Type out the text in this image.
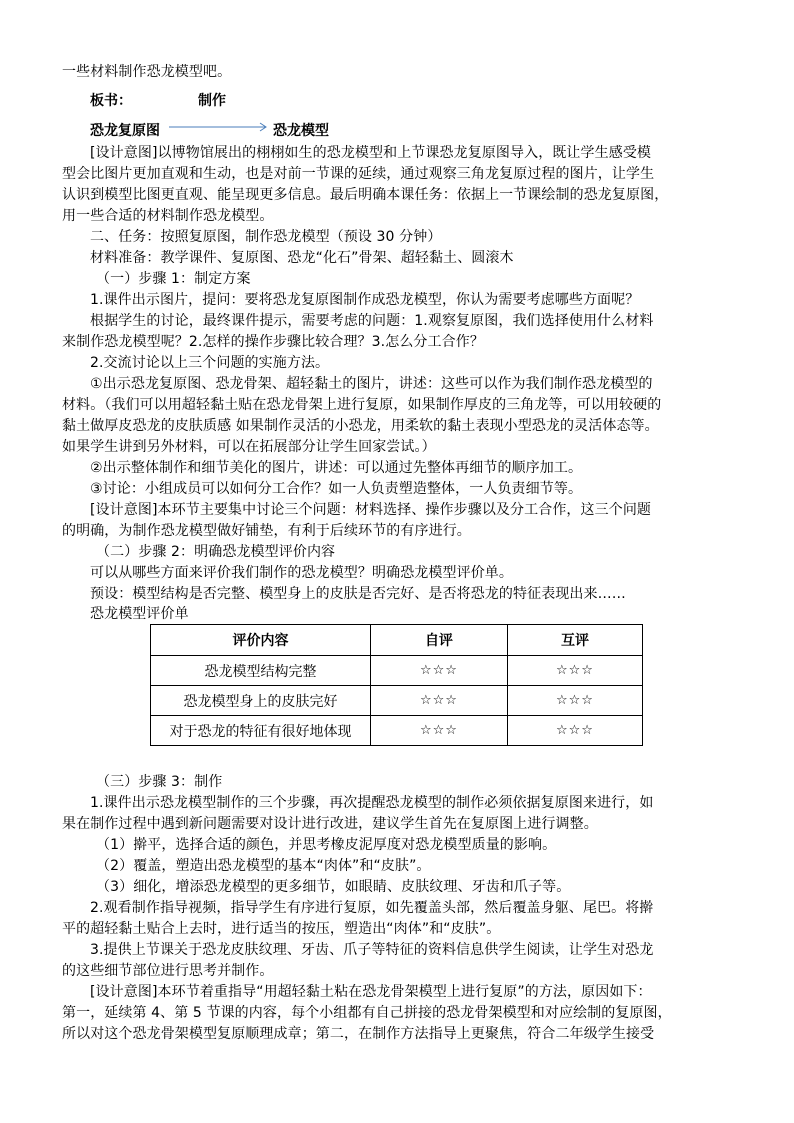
一些材料制作恐龙模型吧。

板书：	制作
恐龙复原图	恐龙模型

[设计意图]以博物馆展出的栩栩如生的恐龙模型和上节课恐龙复原图导入，既让学生感受模

型会比图片更加直观和生动，也是对前一节课的延续，通过观察三角龙复原过程的图片，让学生

认识到模型比图更直观、能呈现更多信息。最后明确本课任务：依据上一节课绘制的恐龙复原图，

用一些合适的材料制作恐龙模型。

二、任务：按照复原图，制作恐龙模型（预设 30 分钟）

材料准备：教学课件、复原图、恐龙“化石”骨架、超轻黏土、圆滚木

（一）步骤 1：制定方案

1.课件出示图片，提问：要将恐龙复原图制作成恐龙模型，你认为需要考虑哪些方面呢？

根据学生的讨论，最终课件提示，需要考虑的问题：1.观察复原图，我们选择使用什么材料

来制作恐龙模型呢？2.怎样的操作步骤比较合理？3.怎么分工合作？

2.交流讨论以上三个问题的实施方法。

①出示恐龙复原图、恐龙骨架、超轻黏土的图片，讲述：这些可以作为我们制作恐龙模型的

材料。（我们可以用超轻黏土贴在恐龙骨架上进行复原，如果制作厚皮的三角龙等，可以用较硬的

黏土做厚皮恐龙的皮肤质感 如果制作灵活的小恐龙，用柔软的黏土表现小型恐龙的灵活体态等。

如果学生讲到另外材料，可以在拓展部分让学生回家尝试。）

②出示整体制作和细节美化的图片，讲述：可以通过先整体再细节的顺序加工。

③讨论：小组成员可以如何分工合作？如一人负责塑造整体，一人负责细节等。

[设计意图]本环节主要集中讨论三个问题：材料选择、操作步骤以及分工合作，这三个问题

的明确，为制作恐龙模型做好铺垫，有利于后续环节的有序进行。

（二）步骤 2：明确恐龙模型评价内容

可以从哪些方面来评价我们制作的恐龙模型？明确恐龙模型评价单。

预设：模型结构是否完整、模型身上的皮肤是否完好、是否将恐龙的特征表现出来……

恐龙模型评价单

评价内容	自评	互评
恐龙模型结构完整	☆☆☆	☆☆☆
恐龙模型身上的皮肤完好	☆☆☆	☆☆☆
对于恐龙的特征有很好地体现	☆☆☆	☆☆☆

（三）步骤 3：制作

1.课件出示恐龙模型制作的三个步骤，再次提醒恐龙模型的制作必须依据复原图来进行，如

果在制作过程中遇到新问题需要对设计进行改进，建议学生首先在复原图上进行调整。

（1）擀平，选择合适的颜色，并思考橡皮泥厚度对恐龙模型质量的影响。

（2）覆盖，塑造出恐龙模型的基本“肉体”和“皮肤”。

（3）细化，增添恐龙模型的更多细节，如眼睛、皮肤纹理、牙齿和爪子等。

2.观看制作指导视频，指导学生有序进行复原，如先覆盖头部，然后覆盖身躯、尾巴。将擀

平的超轻黏土贴合上去时，进行适当的按压，塑造出“肉体”和“皮肤”。

3.提供上节课关于恐龙皮肤纹理、牙齿、爪子等特征的资料信息供学生阅读，让学生对恐龙

的这些细节部位进行思考并制作。

[设计意图]本环节着重指导“用超轻黏土粘在恐龙骨架模型上进行复原”的方法，原因如下：

第一，延续第 4、第 5 节课的内容，每个小组都有自己拼接的恐龙骨架模型和对应绘制的复原图，

所以对这个恐龙骨架模型复原顺理成章；第二，在制作方法指导上更聚焦，符合二年级学生接受
